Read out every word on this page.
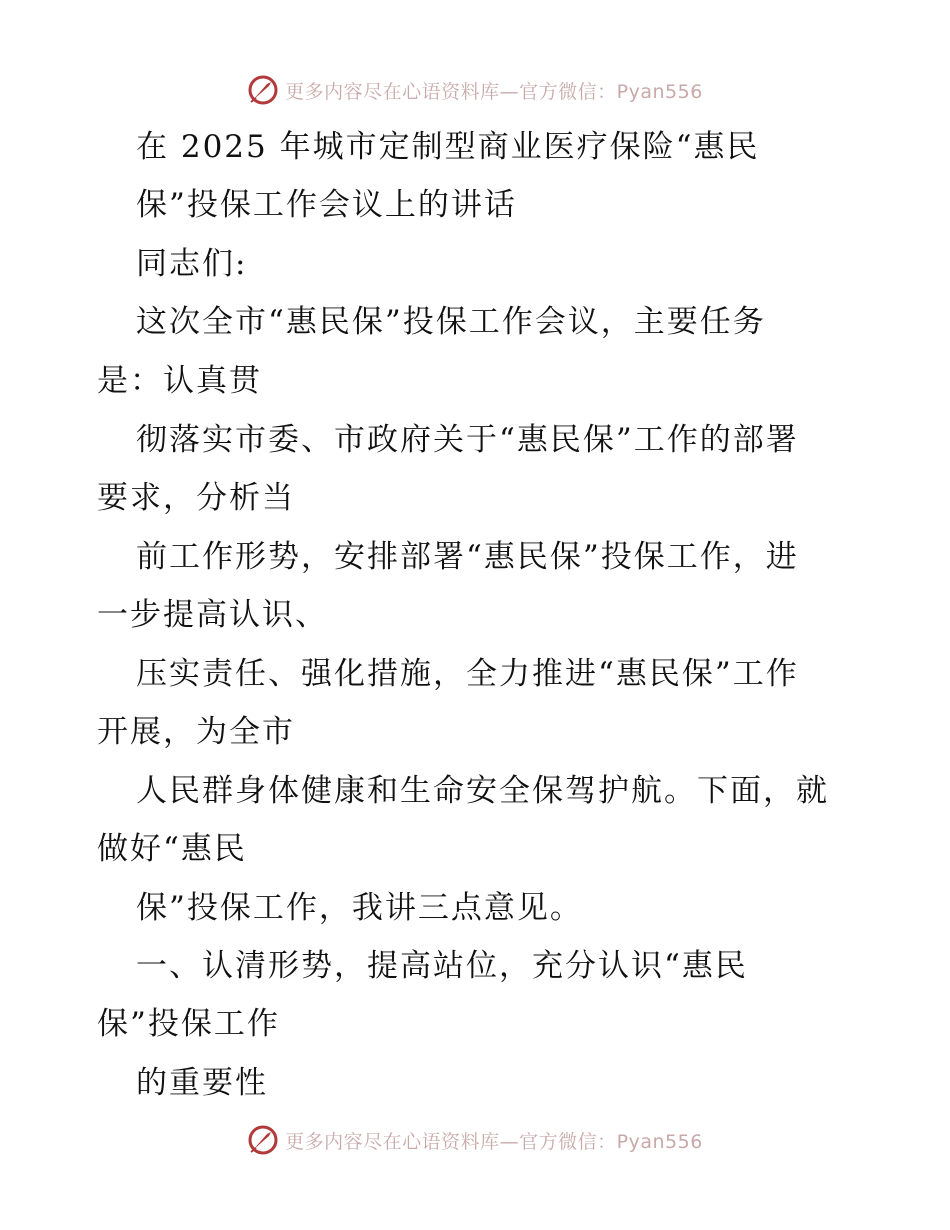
更多内容尽在心语资料库—官方微信：Pyan556
在 2025 年城市定制型商业医疗保险“惠民
保”投保工作会议上的讲话
同志们:
这次全市“惠民保”投保工作会议，主要任务
是：认真贯
彻落实市委、市政府关于“惠民保”工作的部署
要求，分析当
前工作形势，安排部署“惠民保”投保工作，进
一步提高认识、
压实责任、强化措施，全力推进“惠民保”工作
开展，为全市
人民群身体健康和生命安全保驾护航。下面，就
做好“惠民
保”投保工作，我讲三点意见。
一、认清形势，提高站位，充分认识“惠民
保”投保工作
的重要性
更多内容尽在心语资料库—官方微信：Pyan556
